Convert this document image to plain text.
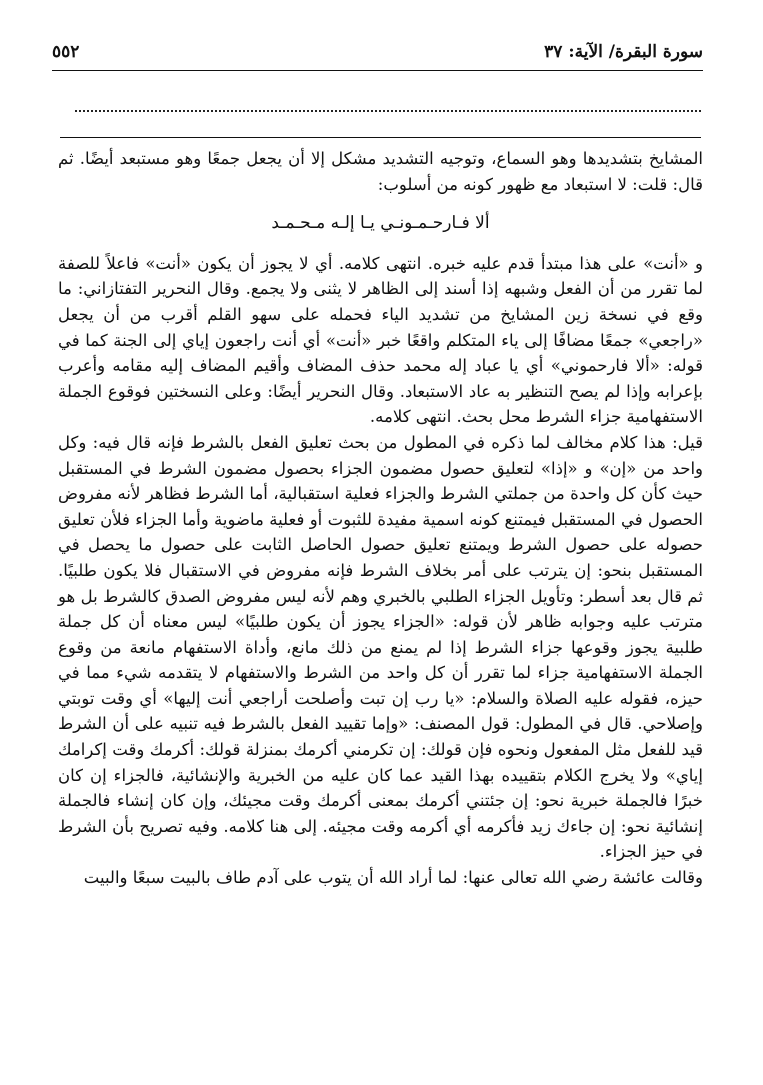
سورة البقرة/ الآية: ٣٧
٥٥٢

المشايخ بتشديدها وهو السماع، وتوجيه التشديد مشكل إلا أن يجعل جمعًا وهو مستبعد أيضًا. ثم قال: قلت: لا استبعاد مع ظهور كونه من أسلوب:

ألا فـارحـمـونـي يـا إلـه مـحـمـد

و «أنت» على هذا مبتدأ قدم عليه خبره. انتهى كلامه. أي لا يجوز أن يكون «أنت» فاعلاً للصفة لما تقرر من أن الفعل وشبهه إذا أسند إلى الظاهر لا يثنى ولا يجمع. وقال النحرير التفتازاني: ما وقع في نسخة زين المشايخ من تشديد الياء فحمله على سهو القلم أقرب من أن يجعل «راجعي» جمعًا مضافًا إلى ياء المتكلم واقعًا خبر «أنت» أي أنت راجعون إياي إلى الجنة كما في قوله: «ألا فارحموني» أي يا عباد إله محمد حذف المضاف وأقيم المضاف إليه مقامه وأعرب بإعرابه وإذا لم يصح التنظير به عاد الاستبعاد. وقال النحرير أيضًا: وعلى النسختين فوقوع الجملة الاستفهامية جزاء الشرط محل بحث. انتهى كلامه.

قيل: هذا كلام مخالف لما ذكره في المطول من بحث تعليق الفعل بالشرط فإنه قال فيه: وكل واحد من «إن» و «إذا» لتعليق حصول مضمون الجزاء بحصول مضمون الشرط في المستقبل حيث كأن كل واحدة من جملتي الشرط والجزاء فعلية استقبالية، أما الشرط فظاهر لأنه مفروض الحصول في المستقبل فيمتنع كونه اسمية مفيدة للثبوت أو فعلية ماضوية وأما الجزاء فلأن تعليق حصوله على حصول الشرط ويمتنع تعليق حصول الحاصل الثابت على حصول ما يحصل في المستقبل بنحو: إن يترتب على أمر بخلاف الشرط فإنه مفروض في الاستقبال فلا يكون طلبيًا. ثم قال بعد أسطر: وتأويل الجزاء الطلبي بالخبري وهم لأنه ليس مفروض الصدق كالشرط بل هو مترتب عليه وجوابه ظاهر لأن قوله: «الجزاء يجوز أن يكون طلبيًا» ليس معناه أن كل جملة طلبية يجوز وقوعها جزاء الشرط إذا لم يمنع من ذلك مانع، وأداة الاستفهام مانعة من وقوع الجملة الاستفهامية جزاء لما تقرر أن كل واحد من الشرط والاستفهام لا يتقدمه شيء مما في حيزه، فقوله عليه الصلاة والسلام: «يا رب إن تبت وأصلحت أراجعي أنت إليها» أي وقت توبتي وإصلاحي. قال في المطول: قول المصنف: «وإما تقييد الفعل بالشرط فيه تنبيه على أن الشرط قيد للفعل مثل المفعول ونحوه فإن قولك: إن تكرمني أكرمك بمنزلة قولك: أكرمك وقت إكرامك إياي» ولا يخرج الكلام بتقييده بهذا القيد عما كان عليه من الخبرية والإنشائية، فالجزاء إن كان خبرًا فالجملة خبرية نحو: إن جئتني أكرمك بمعنى أكرمك وقت مجيئك، وإن كان إنشاء فالجملة إنشائية نحو: إن جاءك زيد فأكرمه أي أكرمه وقت مجيئه. إلى هنا كلامه. وفيه تصريح بأن الشرط في حيز الجزاء.

وقالت عائشة رضي الله تعالى عنها: لما أراد الله أن يتوب على آدم طاف بالبيت سبعًا والبيت
